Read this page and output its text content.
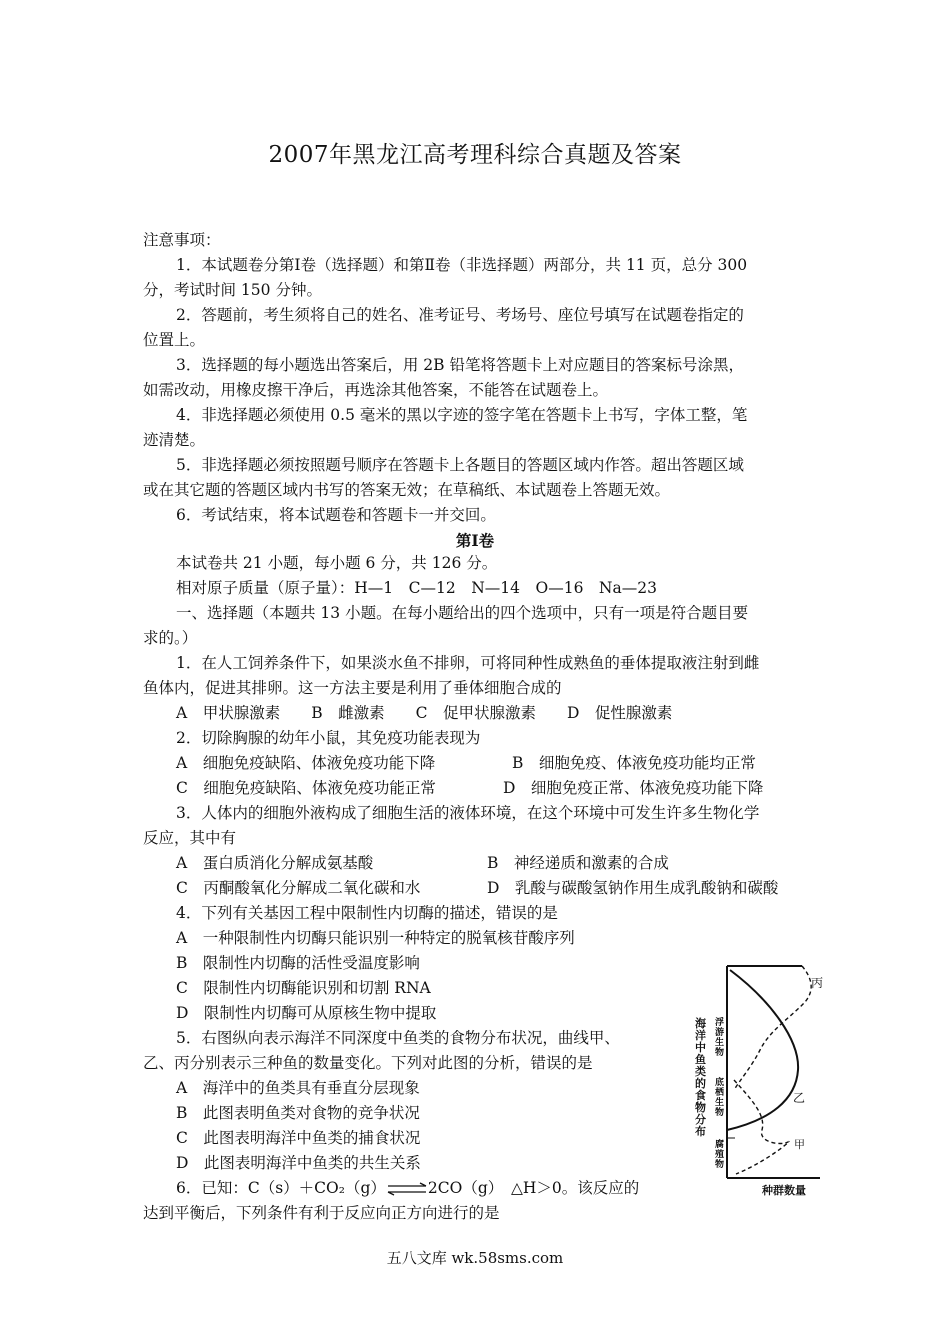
2007年黑龙江高考理科综合真题及答案
注意事项：
1．本试题卷分第Ⅰ卷（选择题）和第Ⅱ卷（非选择题）两部分，共 11 页，总分 300
分，考试时间 150 分钟。
2．答题前，考生须将自己的姓名、准考证号、考场号、座位号填写在试题卷指定的
位置上。
3．选择题的每小题选出答案后，用 2B 铅笔将答题卡上对应题目的答案标号涂黑，
如需改动，用橡皮擦干净后，再选涂其他答案，不能答在试题卷上。
4．非选择题必须使用 0.5 毫米的黑以字迹的签字笔在答题卡上书写，字体工整，笔
迹清楚。
5．非选择题必须按照题号顺序在答题卡上各题目的答题区域内作答。超出答题区域
或在其它题的答题区域内书写的答案无效；在草稿纸、本试题卷上答题无效。
6．考试结束，将本试题卷和答题卡一并交回。
第Ⅰ卷
本试卷共 21 小题，每小题 6 分，共 126 分。
相对原子质量（原子量）：H—1　C—12　N—14　O—16　Na—23
一、选择题（本题共 13 小题。在每小题给出的四个选项中，只有一项是符合题目要
求的。）
1．在人工饲养条件下，如果淡水鱼不排卵，可将同种性成熟鱼的垂体提取液注射到雌
鱼体内，促进其排卵。这一方法主要是利用了垂体细胞合成的
A　甲状腺激素　　B　雌激素　　C　促甲状腺激素　　D　促性腺激素
2．切除胸腺的幼年小鼠，其免疫功能表现为
A　细胞免疫缺陷、体液免疫功能下降	B　细胞免疫、体液免疫功能均正常
C　细胞免疫缺陷、体液免疫功能正常	D　细胞免疫正常、体液免疫功能下降
3．人体内的细胞外液构成了细胞生活的液体环境，在这个环境中可发生许多生物化学
反应，其中有
A　蛋白质消化分解成氨基酸	B　神经递质和激素的合成
C　丙酮酸氧化分解成二氧化碳和水	D　乳酸与碳酸氢钠作用生成乳酸钠和碳酸
4．下列有关基因工程中限制性内切酶的描述，错误的是
A　一种限制性内切酶只能识别一种特定的脱氧核苷酸序列
B　限制性内切酶的活性受温度影响
C　限制性内切酶能识别和切割 RNA
D　限制性内切酶可从原核生物中提取
5．右图纵向表示海洋不同深度中鱼类的食物分布状况，曲线甲、
乙、丙分别表示三种鱼的数量变化。下列对此图的分析，错误的是
A　海洋中的鱼类具有垂直分层现象
B　此图表明鱼类对食物的竞争状况
C　此图表明海洋中鱼类的捕食状况
D　此图表明海洋中鱼类的共生关系
6．已知：C（s）＋CO₂（g）⇌2CO（g）　△H＞0。该反应的
达到平衡后，下列条件有利于反应向正方向进行的是
海洋中鱼类的食物分布
浮游生物
底栖生物
腐殖物
丙
乙
甲
种群数量
五八文库 wk.58sms.com
